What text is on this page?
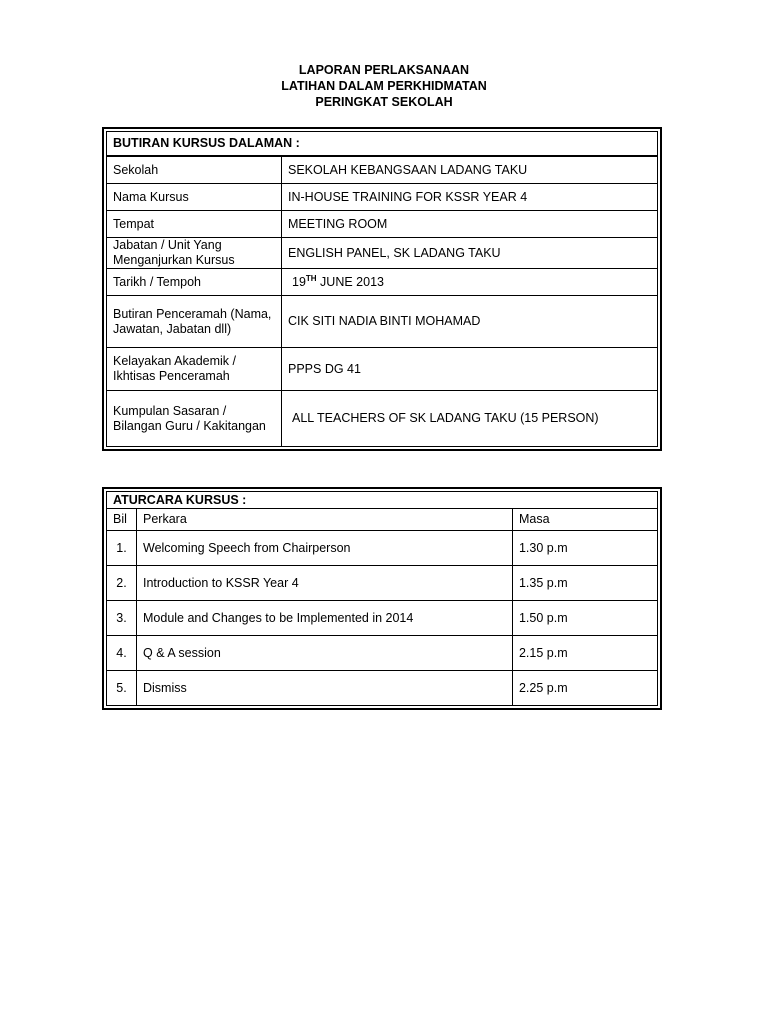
LAPORAN PERLAKSANAAN
LATIHAN DALAM PERKHIDMATAN
PERINGKAT SEKOLAH
BUTIRAN KURSUS DALAMAN :	
Sekolah	SEKOLAH KEBANGSAAN LADANG TAKU
Nama Kursus	IN-HOUSE TRAINING FOR KSSR YEAR 4
Tempat	MEETING ROOM
Jabatan / Unit Yang Menganjurkan Kursus	ENGLISH PANEL, SK LADANG TAKU
Tarikh / Tempoh	19TH JUNE 2013
Butiran Penceramah (Nama, Jawatan, Jabatan dll)	CIK SITI NADIA BINTI MOHAMAD
Kelayakan Akademik / Ikhtisas Penceramah	PPPS DG 41
Kumpulan Sasaran / Bilangan Guru / Kakitangan	ALL TEACHERS OF SK LADANG TAKU (15 PERSON)
ATURCARA KURSUS :		
Bil	Perkara	Masa
1.	Welcoming Speech from Chairperson	1.30 p.m
2.	Introduction to KSSR Year 4	1.35 p.m
3.	Module and Changes to be Implemented in 2014	1.50 p.m
4.	Q & A session	2.15 p.m
5.	Dismiss	2.25 p.m
